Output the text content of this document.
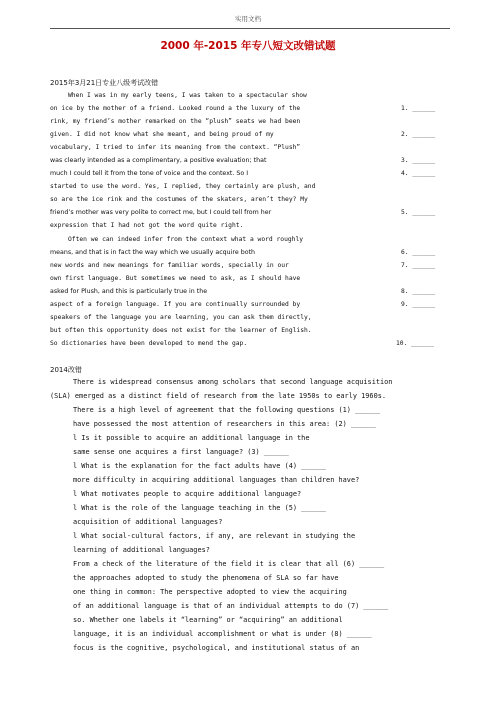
实用文档
2000 年-2015 年专八短文改错试题
2015年3月21日专业八级考试改错
When I was in my early teens, I was taken to a spectacular show
on ice by the mother of a friend. Looked round a the luxury of the
rink, my friend’s mother remarked on the “plush” seats we had been
given. I did not know what she meant, and being proud of my
vocabulary, I tried to infer its meaning from the context. “Plush”
was clearly intended as a complimentary, a positive evaluation; that
much I could tell it from the tone of voice and the context. So I
started to use the word. Yes, I replied, they certainly are plush, and
so are the ice rink and the costumes of the skaters, aren’t they? My
friend’s mother was very polite to correct me, but I could tell from her
expression that I had not got the word quite right.
Often we can indeed infer from the context what a word roughly
means, and that is in fact the way which we usually acquire both
new words and new meanings for familiar words, specially in our
own first language. But sometimes we need to ask, as I should have
asked for Plush, and this is particularly true in the
aspect of a foreign language. If you are continually surrounded by
speakers of the language you are learning, you can ask them directly,
but often this opportunity does not exist for the learner of English.
So dictionaries have been developed to mend the gap.
1. ______
2. ______
3. ______
4. ______
5. ______
6. ______
7. ______
8. ______
9. ______
10. ______
2014改错
There is widespread consensus among scholars that second language acquisition
(SLA) emerged as a distinct field of research from the late 1950s to early 1960s.
There is a high level of agreement that the following questions (1) ______
have possessed the most attention of researchers in this area: (2) ______
l Is it possible to acquire an additional language in the
same sense one acquires a first language? (3) ______
l What is the explanation for the fact adults have (4) ______
more difficulty in acquiring additional languages than children have?
l What motivates people to acquire additional language?
l What is the role of the language teaching in the (5) ______
acquisition of additional languages?
l What social-cultural factors, if any, are relevant in studying the
learning of additional languages?
From a check of the literature of the field it is clear that all (6) ______
the approaches adopted to study the phenomena of SLA so far have
one thing in common: The perspective adopted to view the acquiring
of an additional language is that of an individual attempts to do (7) ______
so. Whether one labels it “learning” or “acquiring” an additional
language, it is an individual accomplishment or what is under (8) ______
focus is the cognitive, psychological, and institutional status of an
